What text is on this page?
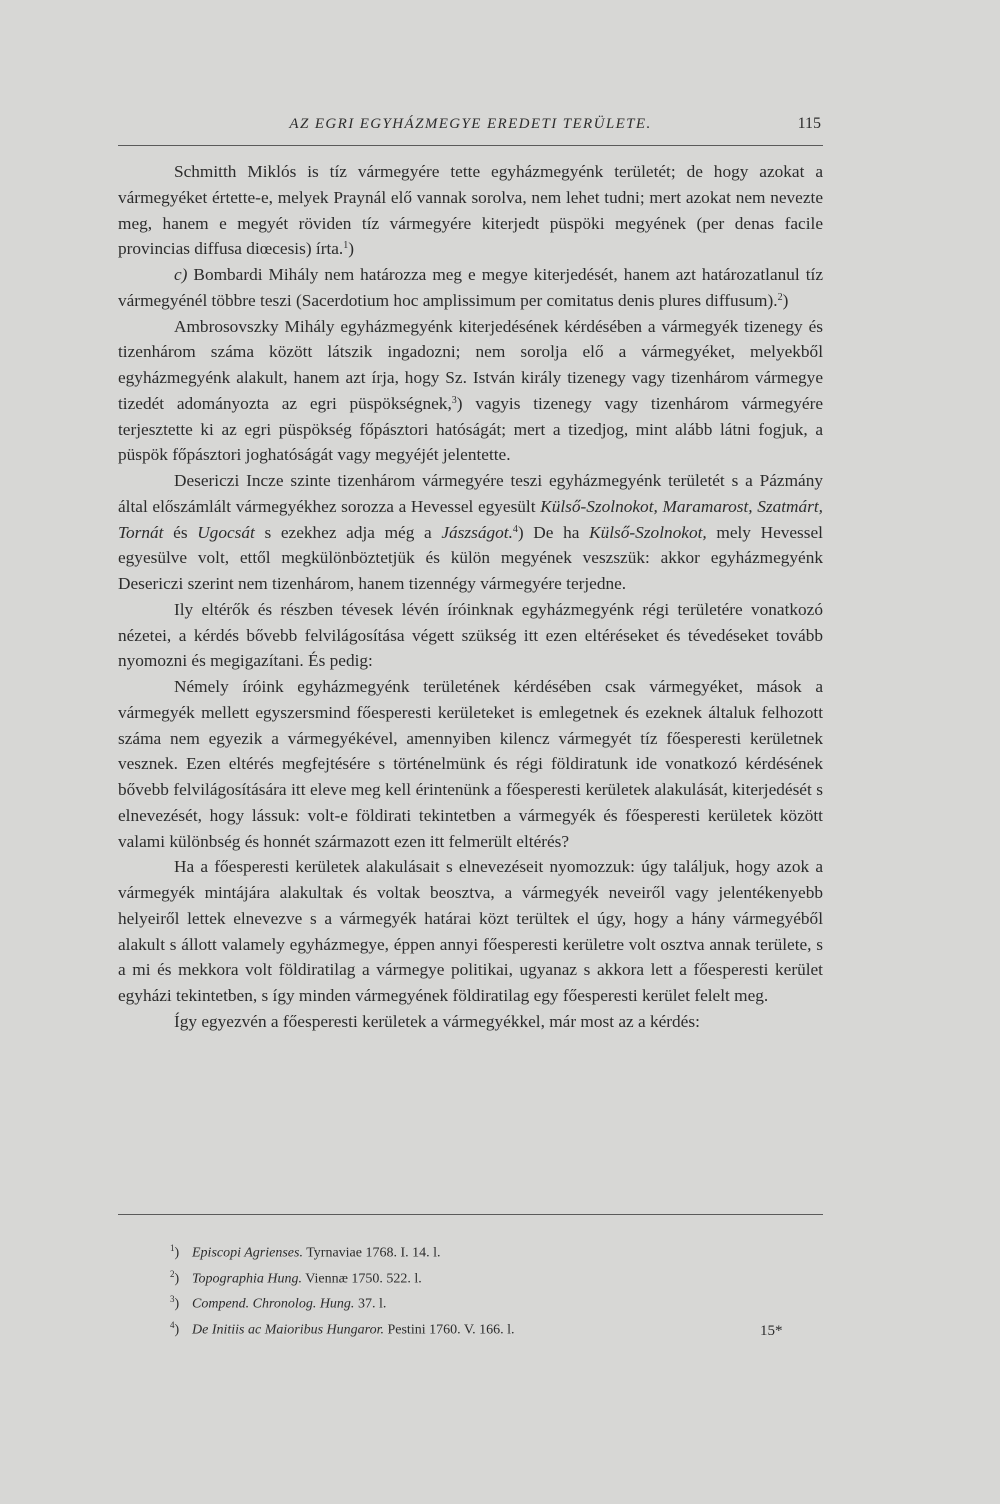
AZ EGRI EGYHÁZMEGYE EREDETI TERÜLETE.	115

Schmitth Miklós is tíz vármegyére tette egyházmegyénk területét; de hogy azokat a vármegyéket értette-e, melyek Praynál elő vannak sorolva, nem lehet tudni; mert azokat nem nevezte meg, hanem e megyét röviden tíz vármegyére kiterjedt püspöki megyének (per denas facile provincias diffusa diœcesis) írta.$^1$)

c) Bombardi Mihály nem határozza meg e megye kiterjedését, hanem azt határozatlanul tíz vármegyénél többre teszi (Sacerdotium hoc amplissimum per comitatus denis plures diffusum).$^2$)

Ambrosovszky Mihály egyházmegyénk kiterjedésének kérdésében a vármegyék tizenegy és tizenhárom száma között látszik ingadozni; nem sorolja elő a vármegyéket, melyekből egyházmegyénk alakult, hanem azt írja, hogy Sz. István király tizenegy vagy tizenhárom vármegye tizedét adományozta az egri püspökségnek,$^3$) vagyis tizenegy vagy tizenhárom vármegyére terjesztette ki az egri püspökség főpásztori hatóságát; mert a tizedjog, mint alább látni fogjuk, a püspök főpásztori joghatóságát vagy megyéjét jelentette.

Desericzi Incze szinte tizenhárom vármegyére teszi egyházmegyénk területét s a Pázmány által előszámlált vármegyékhez sorozza a Hevessel egyesült Külső-Szolnokot, Maramarost, Szatmárt, Tornát és Ugocsát s ezekhez adja még a Jászságot.$^4$) De ha Külső-Szolnokot, mely Hevessel egyesülve volt, ettől megkülönböztetjük és külön megyének veszszük: akkor egyházmegyénk Desericzi szerint nem tizenhárom, hanem tizennégy vármegyére terjedne.

Ily eltérők és részben tévesek lévén íróinknak egyházmegyénk régi területére vonatkozó nézetei, a kérdés bővebb felvilágosítása végett szükség itt ezen eltéréseket és tévedéseket tovább nyomozni és megigazítani. És pedig:

Némely íróink egyházmegyénk területének kérdésében csak vármegyéket, mások a vármegyék mellett egyszersmind főesperesti kerületeket is emlegetnek és ezeknek általuk felhozott száma nem egyezik a vármegyékével, amennyiben kilencz vármegyét tíz főesperesti kerületnek vesznek. Ezen eltérés megfejtésére s történelmünk és régi földiratunk ide vonatkozó kérdésének bővebb felvilágosítására itt eleve meg kell érintenünk a főesperesti kerületek alakulását, kiterjedését s elnevezését, hogy lássuk: volt-e földirati tekintetben a vármegyék és főesperesti kerületek között valami különbség és honnét származott ezen itt felmerült eltérés?

Ha a főesperesti kerületek alakulásait s elnevezéseit nyomozzuk: úgy találjuk, hogy azok a vármegyék mintájára alakultak és voltak beosztva, a vármegyék neveiről vagy jelentékenyebb helyeiről lettek elnevezve s a vármegyék határai közt terültek el úgy, hogy a hány vármegyéből alakult s állott valamely egyházmegye, éppen annyi főesperesti kerületre volt osztva annak területe, s a mi és mekkora volt földiratilag a vármegye politikai, ugyanaz s akkora lett a főesperesti kerület egyházi tekintetben, s így minden vármegyének földiratilag egy főesperesti kerület felelt meg.

Így egyezvén a főesperesti kerületek a vármegyékkel, már most az a kérdés:

$^1$) Episcopi Agrienses. Tyrnaviae 1768. I. 14. l.
$^2$) Topographia Hung. Viennæ 1750. 522. l.
$^3$) Compend. Chronolog. Hung. 37. l.
$^4$) De Initiis ac Maioribus Hungaror. Pestini 1760. V. 166. l.	15*
